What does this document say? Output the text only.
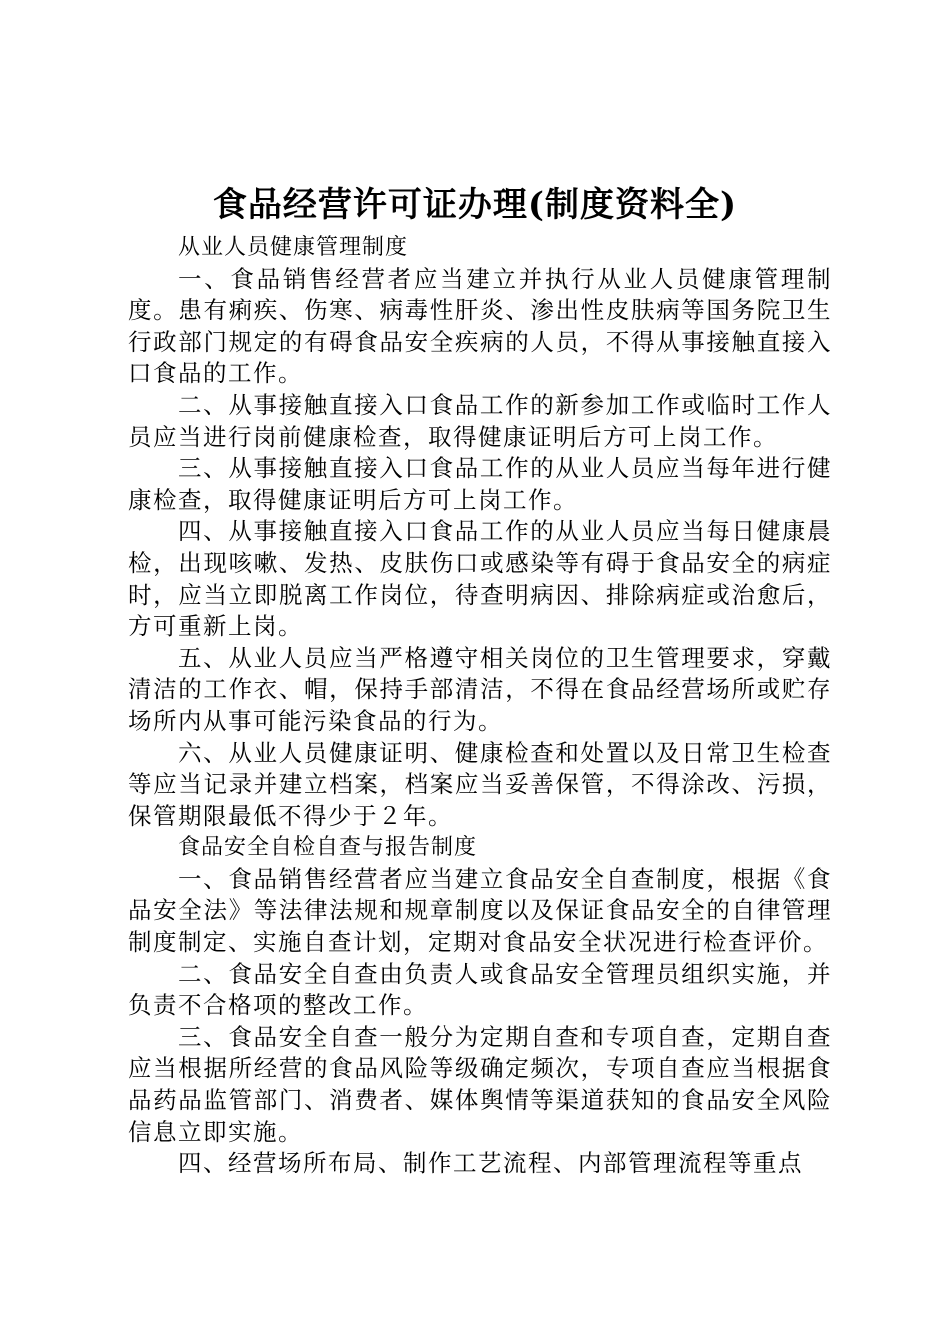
食品经营许可证办理(制度资料全)

从业人员健康管理制度

一、食品销售经营者应当建立并执行从业人员健康管理制度。患有痢疾、伤寒、病毒性肝炎、渗出性皮肤病等国务院卫生行政部门规定的有碍食品安全疾病的人员，不得从事接触直接入口食品的工作。

二、从事接触直接入口食品工作的新参加工作或临时工作人员应当进行岗前健康检查，取得健康证明后方可上岗工作。

三、从事接触直接入口食品工作的从业人员应当每年进行健康检查，取得健康证明后方可上岗工作。

四、从事接触直接入口食品工作的从业人员应当每日健康晨检，出现咳嗽、发热、皮肤伤口或感染等有碍于食品安全的病症时，应当立即脱离工作岗位，待查明病因、排除病症或治愈后，方可重新上岗。

五、从业人员应当严格遵守相关岗位的卫生管理要求，穿戴清洁的工作衣、帽，保持手部清洁，不得在食品经营场所或贮存场所内从事可能污染食品的行为。

六、从业人员健康证明、健康检查和处置以及日常卫生检查等应当记录并建立档案，档案应当妥善保管，不得涂改、污损，保管期限最低不得少于２年。

食品安全自检自查与报告制度

一、食品销售经营者应当建立食品安全自查制度，根据《食品安全法》等法律法规和规章制度以及保证食品安全的自律管理制度制定、实施自查计划，定期对食品安全状况进行检查评价。

二、食品安全自查由负责人或食品安全管理员组织实施，并负责不合格项的整改工作。

三、食品安全自查一般分为定期自查和专项自查，定期自查应当根据所经营的食品风险等级确定频次，专项自查应当根据食品药品监管部门、消费者、媒体舆情等渠道获知的食品安全风险信息立即实施。

四、经营场所布局、制作工艺流程、内部管理流程等重点
